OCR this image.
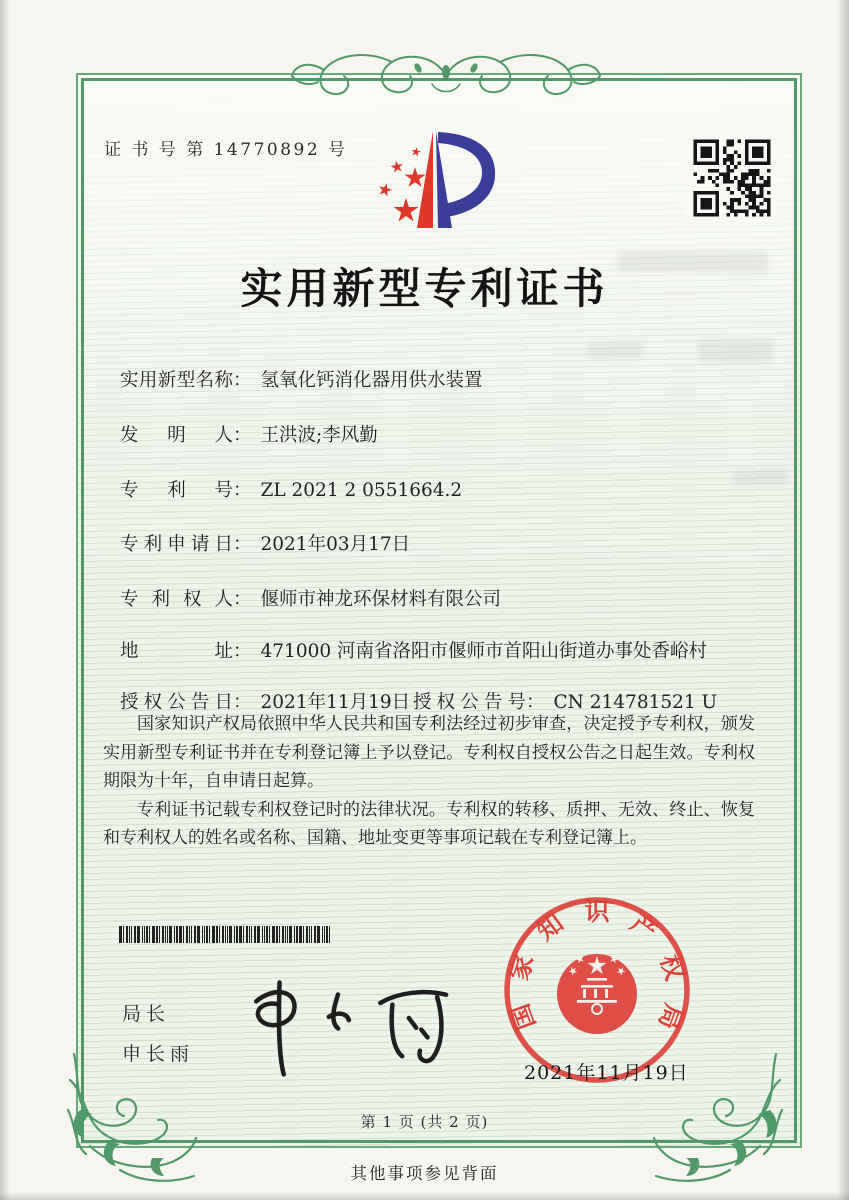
证 书 号 第 14770892 号
实用新型专利证书
实用新型名称： 氢氧化钙消化器用供水装置
发明人： 王洪波;李风勤
专利号： ZL 2021 2 0551664.2
专利申请日： 2021年03月17日
专利权人： 偃师市神龙环保材料有限公司
地址： 471000 河南省洛阳市偃师市首阳山街道办事处香峪村
授权公告日： 2021年11月19日 授权公告号： CN 214781521 U

国家知识产权局依照中华人民共和国专利法经过初步审查，决定授予专利权，颁发实用新型专利证书并在专利登记簿上予以登记。专利权自授权公告之日起生效。专利权期限为十年，自申请日起算。

专利证书记载专利权登记时的法律状况。专利权的转移、质押、无效、终止、恢复和专利权人的姓名或名称、国籍、地址变更等事项记载在专利登记簿上。

局长
申长雨
国家知识产权局
2021年11月19日
第 1 页 (共 2 页)
其他事项参见背面
